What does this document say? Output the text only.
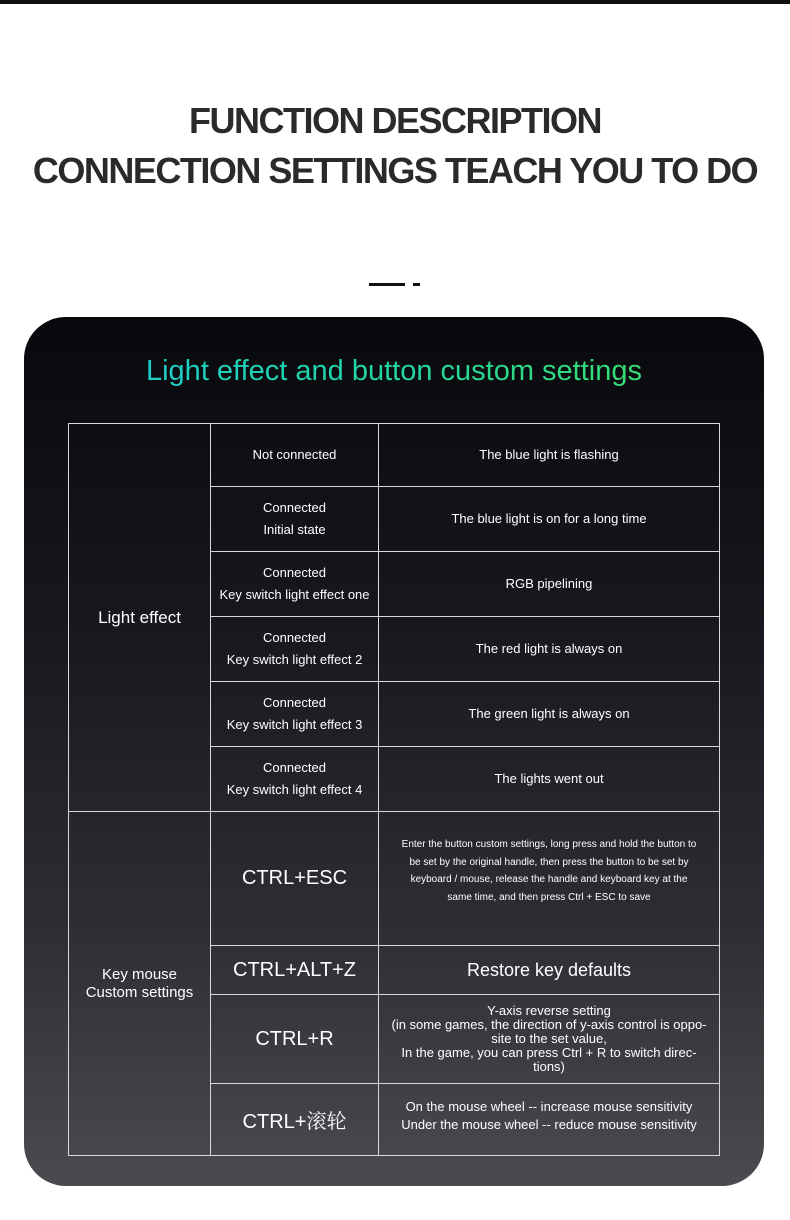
FUNCTION DESCRIPTION
CONNECTION SETTINGS TEACH YOU TO DO
Light effect and button custom settings
Light effect
Not connected	The blue light is flashing
Connected
Initial state
The blue light is on for a long time
Connected
Key switch light effect one
RGB pipelining
Connected
Key switch light effect 2
The red light is always on
Connected
Key switch light effect 3
The green light is always on
Connected
Key switch light effect 4
The lights went out
Key mouse
Custom settings
CTRL+ESC
Enter the button custom settings, long press and hold the button to
be set by the original handle, then press the button to be set by
keyboard / mouse, release the handle and keyboard key at the
same time, and then press Ctrl + ESC to save
CTRL+ALT+Z	Restore key defaults
CTRL+R
Y-axis reverse setting
(in some games, the direction of y-axis control is oppo-
site to the set value,
In the game, you can press Ctrl + R to switch direc-
tions)
CTRL+滚轮
On the mouse wheel -- increase mouse sensitivity
Under the mouse wheel -- reduce mouse sensitivity
